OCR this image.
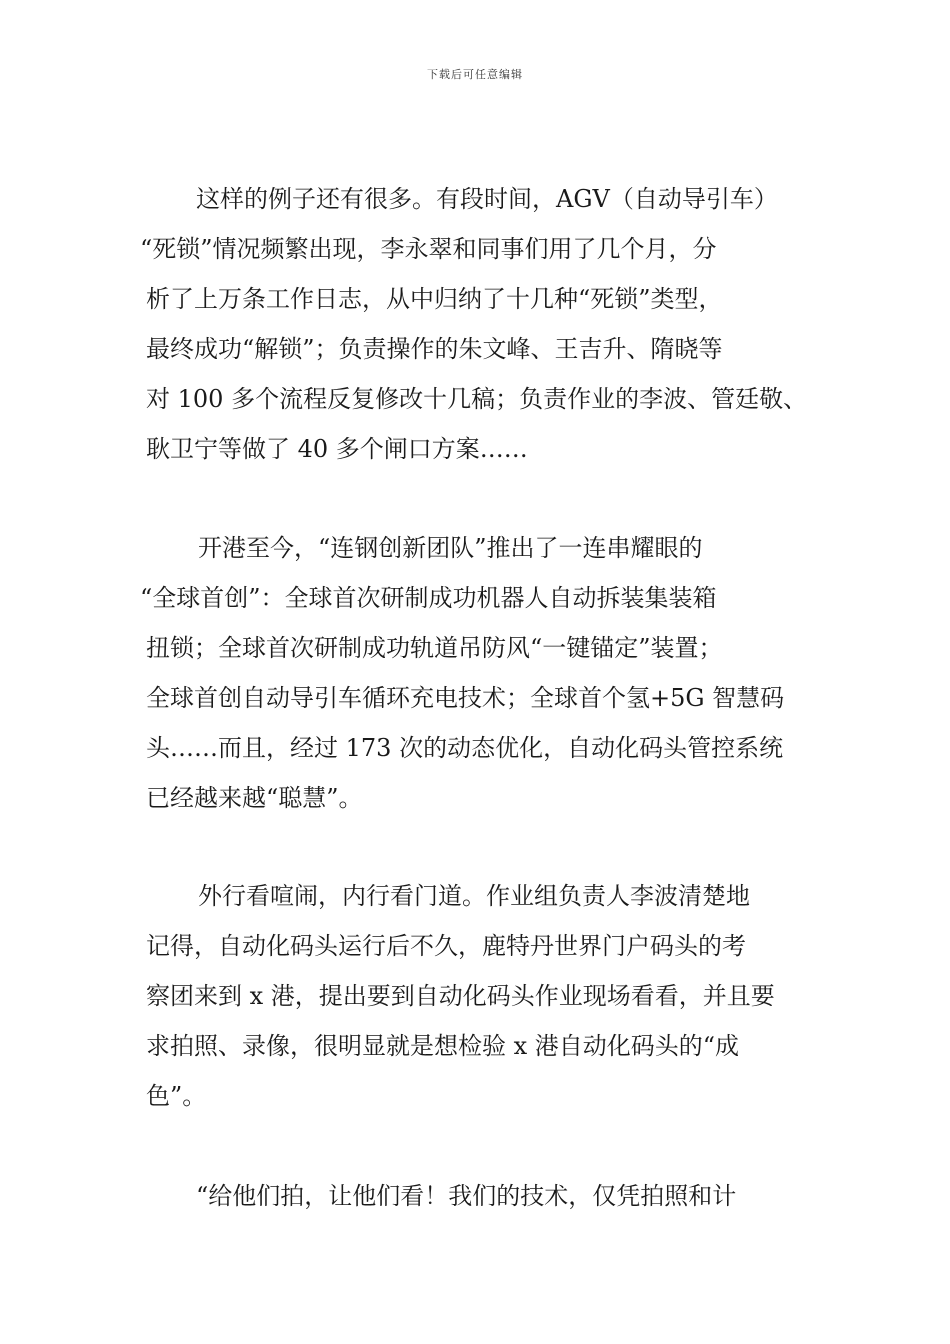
下载后可任意编辑
这样的例子还有很多。有段时间，AGV（自动导引车）
“死锁”情况频繁出现，李永翠和同事们用了几个月，分
析了上万条工作日志，从中归纳了十几种“死锁”类型，
最终成功“解锁”；负责操作的朱文峰、王吉升、隋晓等
对 100 多个流程反复修改十几稿；负责作业的李波、管廷敬、
耿卫宁等做了 40 多个闸口方案……
开港至今，“连钢创新团队”推出了一连串耀眼的
“全球首创”：全球首次研制成功机器人自动拆装集装箱
扭锁；全球首次研制成功轨道吊防风“一键锚定”装置；
全球首创自动导引车循环充电技术；全球首个氢+5G 智慧码
头……而且，经过 173 次的动态优化，自动化码头管控系统
已经越来越“聪慧”。
外行看喧闹，内行看门道。作业组负责人李波清楚地
记得，自动化码头运行后不久，鹿特丹世界门户码头的考
察团来到 x 港，提出要到自动化码头作业现场看看，并且要
求拍照、录像，很明显就是想检验 x 港自动化码头的“成
色”。
“给他们拍，让他们看！我们的技术，仅凭拍照和计
